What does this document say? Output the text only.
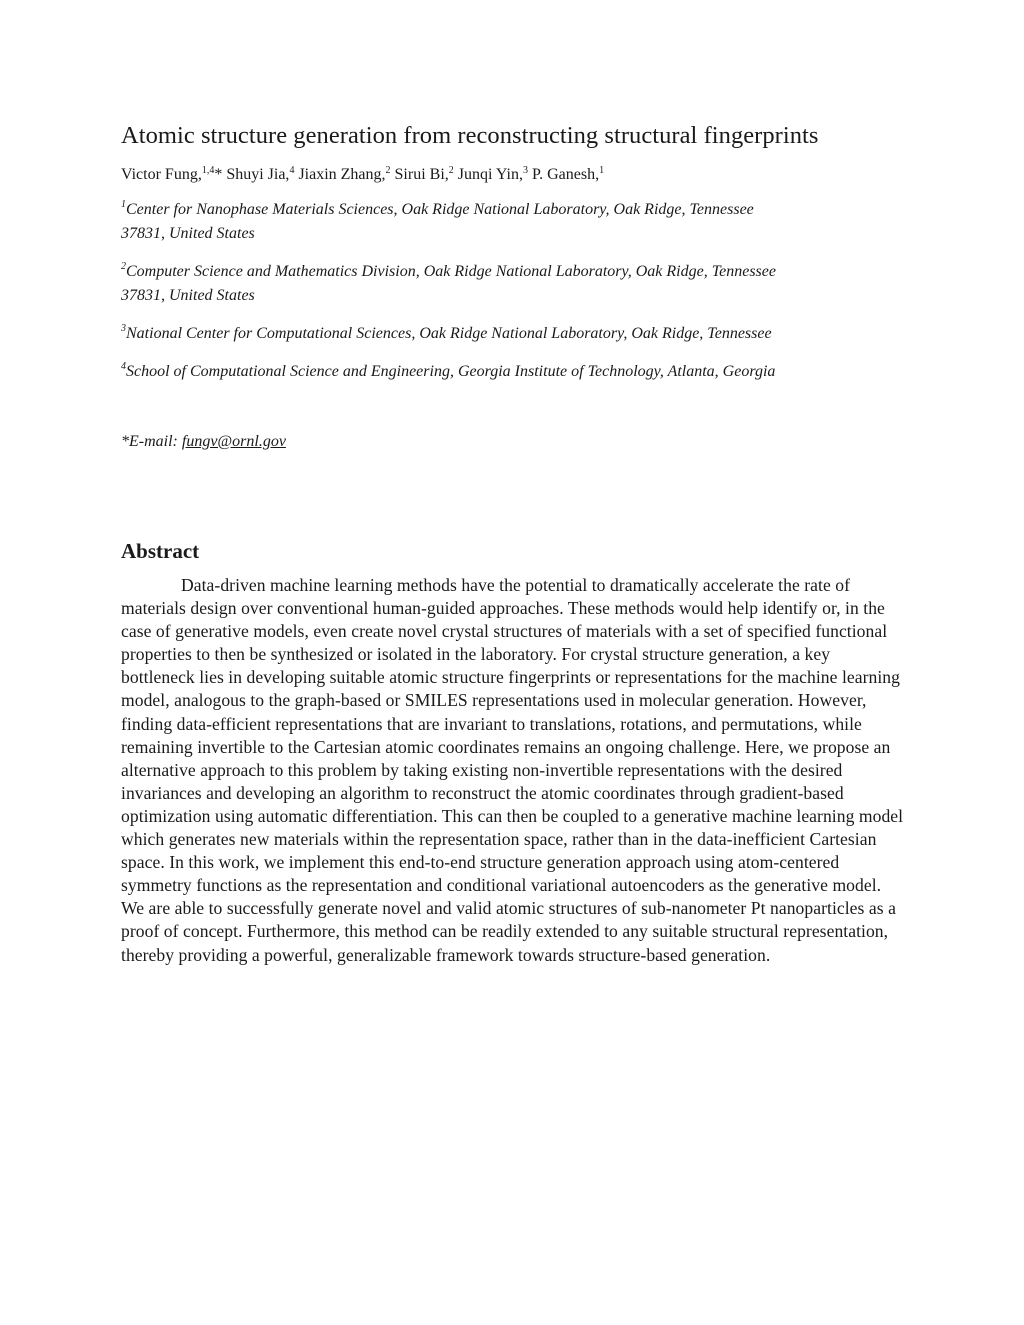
Atomic structure generation from reconstructing structural fingerprints
Victor Fung,$^{1,4}$* Shuyi Jia,$^4$ Jiaxin Zhang,$^2$ Sirui Bi,$^2$ Junqi Yin,$^3$ P. Ganesh,$^1$
$^1$Center for Nanophase Materials Sciences, Oak Ridge National Laboratory, Oak Ridge, Tennessee
37831, United States
$^2$Computer Science and Mathematics Division, Oak Ridge National Laboratory, Oak Ridge, Tennessee
37831, United States
$^3$National Center for Computational Sciences, Oak Ridge National Laboratory, Oak Ridge, Tennessee
$^4$School of Computational Science and Engineering, Georgia Institute of Technology, Atlanta, Georgia
*E-mail: fungv@ornl.gov
Abstract

Data-driven machine learning methods have the potential to dramatically accelerate the rate of materials design over conventional human-guided approaches. These methods would help identify or, in the case of generative models, even create novel crystal structures of materials with a set of specified functional properties to then be synthesized or isolated in the laboratory. For crystal structure generation, a key bottleneck lies in developing suitable atomic structure fingerprints or representations for the machine learning model, analogous to the graph-based or SMILES representations used in molecular generation. However, finding data-efficient representations that are invariant to translations, rotations, and permutations, while remaining invertible to the Cartesian atomic coordinates remains an ongoing challenge. Here, we propose an alternative approach to this problem by taking existing non-invertible representations with the desired invariances and developing an algorithm to reconstruct the atomic coordinates through gradient-based optimization using automatic differentiation. This can then be coupled to a generative machine learning model which generates new materials within the representation space, rather than in the data-inefficient Cartesian space. In this work, we implement this end-to-end structure generation approach using atom-centered symmetry functions as the representation and conditional variational autoencoders as the generative model. We are able to successfully generate novel and valid atomic structures of sub-nanometer Pt nanoparticles as a proof of concept. Furthermore, this method can be readily extended to any suitable structural representation, thereby providing a powerful, generalizable framework towards structure-based generation.
